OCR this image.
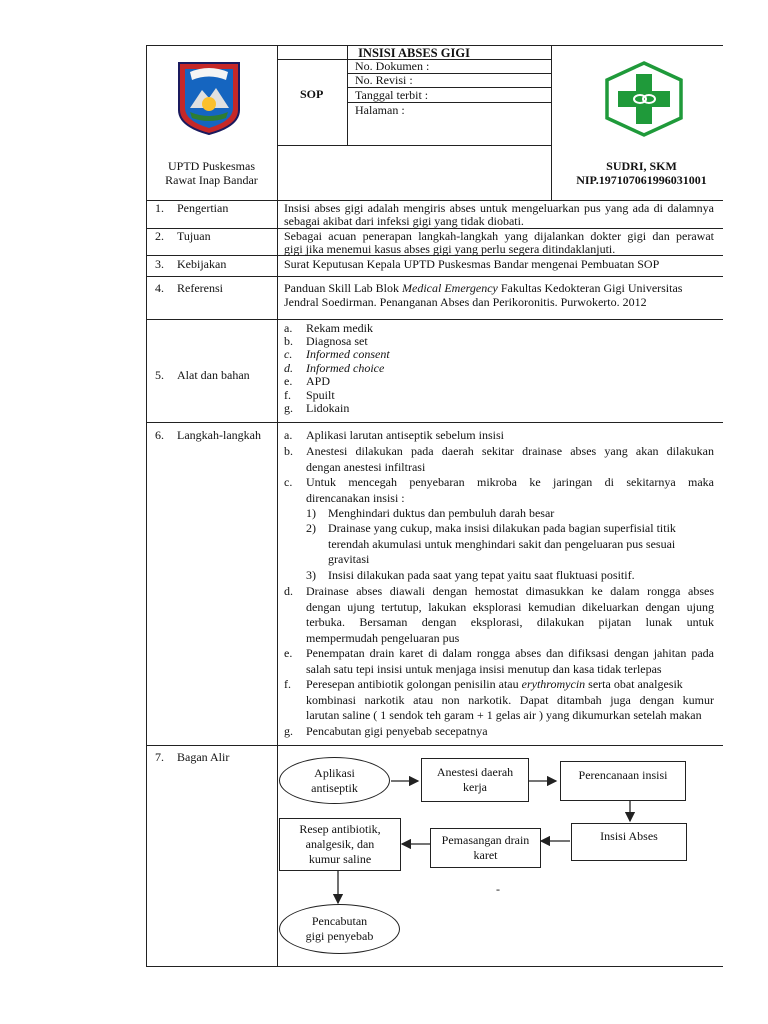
INSISI ABSES GIGI
SOP
No. Dokumen :
No. Revisi :
Tanggal terbit :
Halaman :
UPTD Puskesmas
Rawat Inap Bandar
SUDRI, SKM
NIP.197107061996031001
1. Pengertian	Insisi abses gigi adalah mengiris abses untuk mengeluarkan pus yang ada di dalamnya
sebagai akibat dari infeksi gigi yang tidak diobati.
2. Tujuan	Sebagai acuan penerapan langkah-langkah yang dijalankan dokter gigi dan perawat
gigi jika menemui kasus abses gigi yang perlu segera ditindaklanjuti.
3. Kebijakan	Surat Keputusan Kepala UPTD Puskesmas Bandar mengenai Pembuatan SOP
4. Referensi	Panduan Skill Lab Blok Medical Emergency Fakultas Kedokteran Gigi Universitas
Jendral Soedirman. Penanganan Abses dan Perikoronitis. Purwokerto. 2012
5. Alat dan bahan
a. Rekam medik
b. Diagnosa set
c. Informed consent
d. Informed choice
e. APD
f. Spuilt
g. Lidokain
6. Langkah-langkah a. Aplikasi larutan antiseptik sebelum insisi
b. Anestesi dilakukan pada daerah sekitar drainase abses yang akan dilakukan
dengan anestesi infiltrasi
c. Untuk mencegah penyebaran mikroba ke jaringan di sekitarnya maka
direncanakan insisi :
1) Menghindari duktus dan pembuluh darah besar
2) Drainase yang cukup, maka insisi dilakukan pada bagian superfisial titik
terendah akumulasi untuk menghindari sakit dan pengeluaran pus sesuai
gravitasi
3) Insisi dilakukan pada saat yang tepat yaitu saat fluktuasi positif.
d. Drainase abses diawali dengan hemostat dimasukkan ke dalam rongga abses
dengan ujung tertutup, lakukan eksplorasi kemudian dikeluarkan dengan ujung
terbuka. Bersaman dengan eksplorasi, dilakukan pijatan lunak untuk
mempermudah pengeluaran pus
e. Penempatan drain karet di dalam rongga abses dan difiksasi dengan jahitan pada
salah satu tepi insisi untuk menjaga insisi menutup dan kasa tidak terlepas
f. Peresepan antibiotik golongan penisilin atau erythromycin serta obat analgesik
kombinasi narkotik atau non narkotik. Dapat ditambah juga dengan kumur
larutan saline ( 1 sendok teh garam + 1 gelas air ) yang dikumurkan setelah makan
g. Pencabutan gigi penyebab secepatnya
7. Bagan Alir
Aplikasi
antiseptik
Anestesi daerah
kerja
Perencanaan insisi
Insisi Abses
Pemasangan drain
karet
Resep antibiotik,
analgesik, dan
kumur saline
Pencabutan
gigi penyebab
-
